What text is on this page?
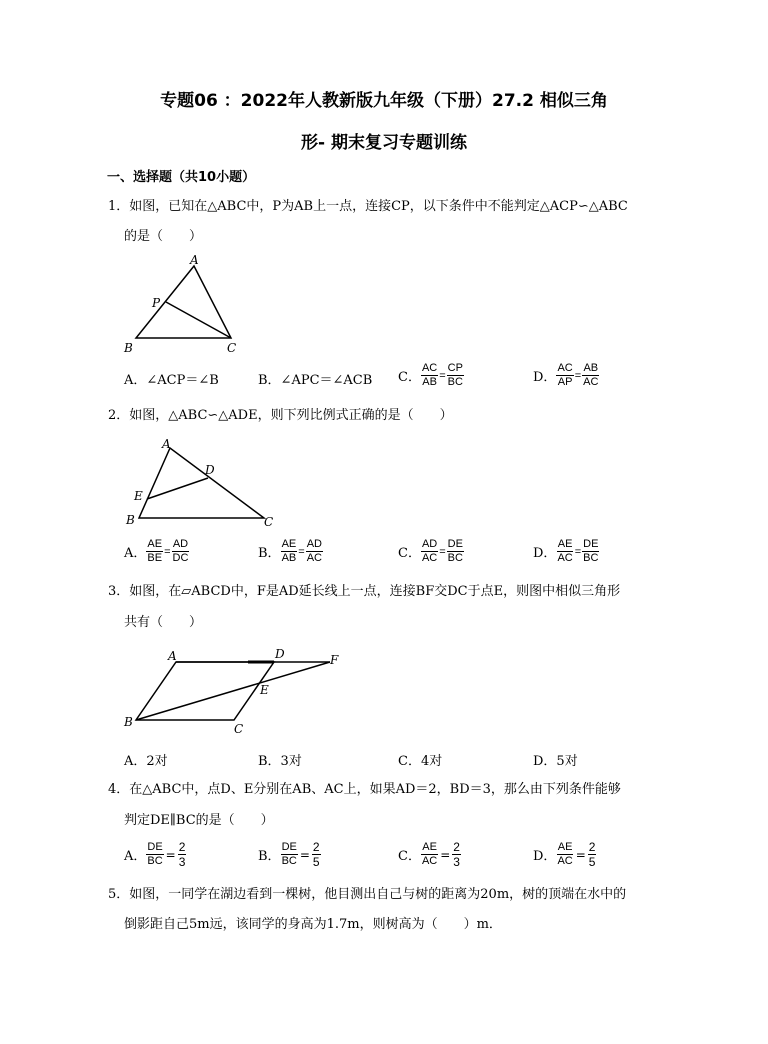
专题06 ：2022年人教新版九年级（下册）27.2 相似三角
形- 期末复习专题训练
一、选择题（共10小题）
1．如图，已知在△ABC中，P为AB上一点，连接CP，以下条件中不能判定△ACP∽△ABC
的是（　　）
A
P
B	C
A．∠ACP＝∠B	B．∠APC＝∠ACB C． $\frac{AC}{AB} = \frac{CP}{BC}$	D． $\frac{AC}{AP} = \frac{AB}{AC}$
2．如图，△ABC∽△ADE，则下列比例式正确的是（　　）
A
D
E
B	C
A． $\frac{AE}{BE} = \frac{AD}{DC}$	B． $\frac{AE}{AB} = \frac{AD}{AC}$	C． $\frac{AD}{AC} = \frac{DE}{BC}$	D． $\frac{AE}{AC} = \frac{DE}{BC}$
3．如图，在▱ABCD中，F是AD延长线上一点，连接BF交DC于点E，则图中相似三角形
共有（　　）
A	D	F
E
B	C
A．2对	B．3对	C．4对	D．5对
4．在△ABC中，点D、E分别在AB、AC上，如果AD＝2，BD＝3，那么由下列条件能够
判定DE∥BC的是（　　）
A． $\frac{DE}{BC} = \frac{2}{3}$	B． $\frac{DE}{BC} = \frac{2}{5}$	C． $\frac{AE}{AC} = \frac{2}{3}$	D． $\frac{AE}{AC} = \frac{2}{5}$
5．如图，一同学在湖边看到一棵树，他目测出自己与树的距离为20m，树的顶端在水中的
倒影距自己5m远，该同学的身高为1.7m，则树高为（　　）m．
